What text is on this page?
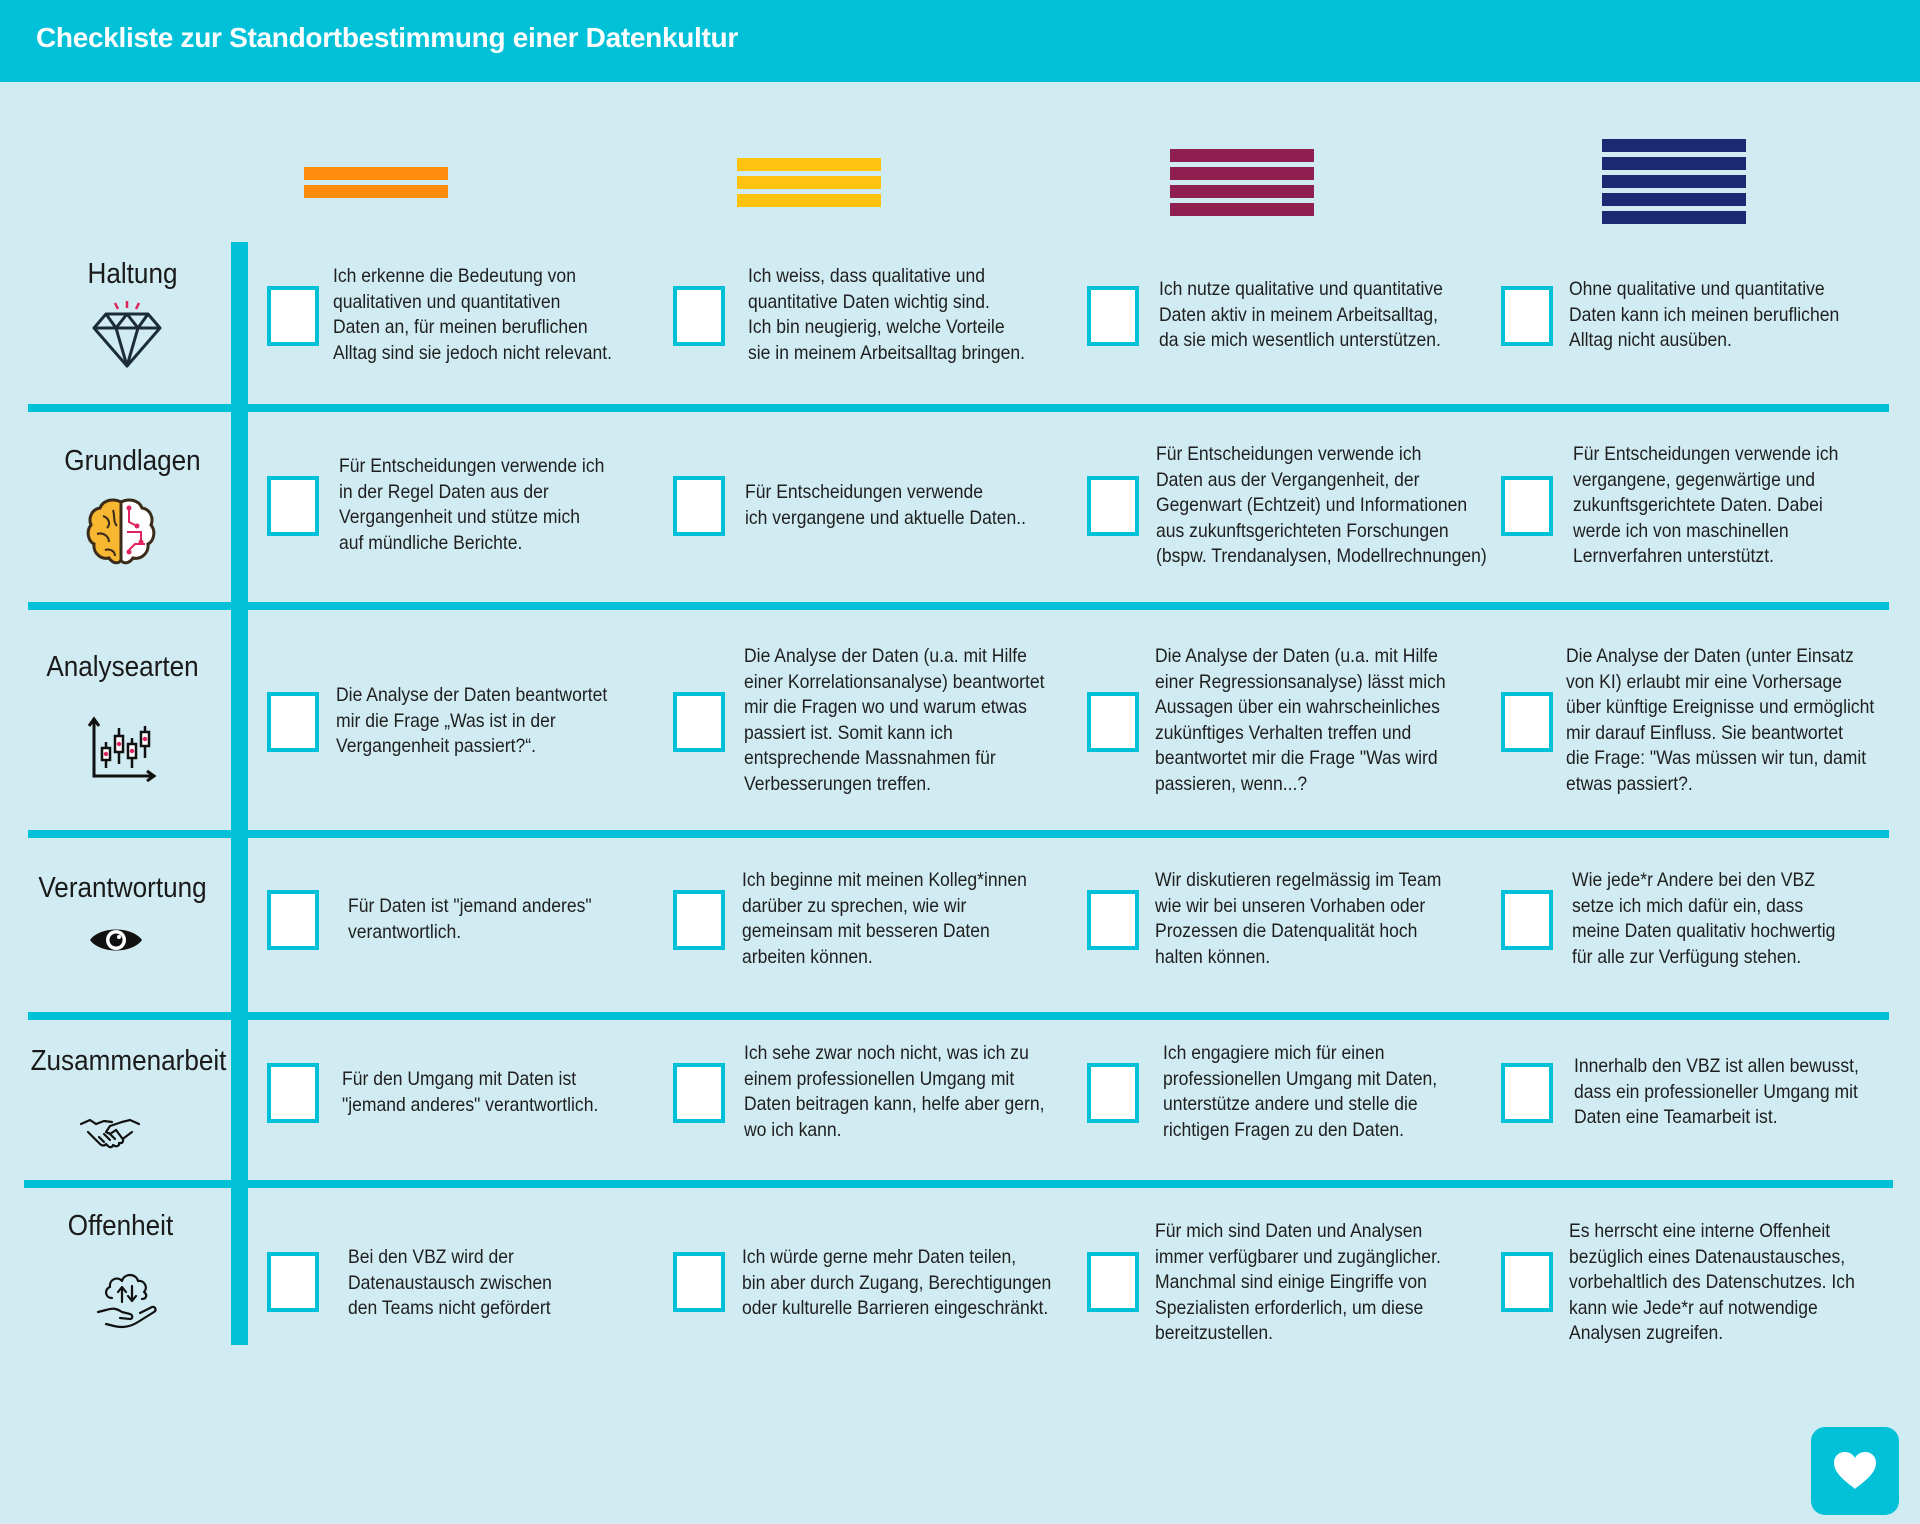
Checkliste zur Standortbestimmung einer Datenkultur
Haltung
Grundlagen
Analysearten
Verantwortung
Zusammenarbeit
Offenheit
Ich erkenne die Bedeutung von
qualitativen und quantitativen
Daten an, für meinen beruflichen
Alltag sind sie jedoch nicht relevant.
Ich weiss, dass qualitative und
quantitative Daten wichtig sind.
Ich bin neugierig, welche Vorteile
sie in meinem Arbeitsalltag bringen.
Ich nutze qualitative und quantitative
Daten aktiv in meinem Arbeitsalltag,
da sie mich wesentlich unterstützen.
Ohne qualitative und quantitative
Daten kann ich meinen beruflichen
Alltag nicht ausüben.
Für Entscheidungen verwende ich
in der Regel Daten aus der
Vergangenheit und stütze mich
auf mündliche Berichte.
Für Entscheidungen verwende
ich vergangene und aktuelle Daten..
Für Entscheidungen verwende ich
Daten aus der Vergangenheit, der
Gegenwart (Echtzeit) und Informationen
aus zukunftsgerichteten Forschungen
(bspw. Trendanalysen, Modellrechnungen)
Für Entscheidungen verwende ich
vergangene, gegenwärtige und
zukunftsgerichtete Daten. Dabei
werde ich von maschinellen
Lernverfahren unterstützt.
Die Analyse der Daten beantwortet
mir die Frage „Was ist in der
Vergangenheit passiert?“.
Die Analyse der Daten (u.a. mit Hilfe
einer Korrelationsanalyse) beantwortet
mir die Fragen wo und warum etwas
passiert ist. Somit kann ich
entsprechende Massnahmen für
Verbesserungen treffen.
Die Analyse der Daten (u.a. mit Hilfe
einer Regressionsanalyse) lässt mich
Aussagen über ein wahrscheinliches
zukünftiges Verhalten treffen und
beantwortet mir die Frage "Was wird
passieren, wenn...?
Die Analyse der Daten (unter Einsatz
von KI) erlaubt mir eine Vorhersage
über künftige Ereignisse und ermöglicht
mir darauf Einfluss. Sie beantwortet
die Frage: "Was müssen wir tun, damit
etwas passiert?.
Für Daten ist "jemand anderes"
verantwortlich.
Ich beginne mit meinen Kolleg*innen
darüber zu sprechen, wie wir
gemeinsam mit besseren Daten
arbeiten können.
Wir diskutieren regelmässig im Team
wie wir bei unseren Vorhaben oder
Prozessen die Datenqualität hoch
halten können.
Wie jede*r Andere bei den VBZ
setze ich mich dafür ein, dass
meine Daten qualitativ hochwertig
für alle zur Verfügung stehen.
Für den Umgang mit Daten ist
"jemand anderes" verantwortlich.
Ich sehe zwar noch nicht, was ich zu
einem professionellen Umgang mit
Daten beitragen kann, helfe aber gern,
wo ich kann.
Ich engagiere mich für einen
professionellen Umgang mit Daten,
unterstütze andere und stelle die
richtigen Fragen zu den Daten.
Innerhalb den VBZ ist allen bewusst,
dass ein professioneller Umgang mit
Daten eine Teamarbeit ist.
Bei den VBZ wird der
Datenaustausch zwischen
den Teams nicht gefördert
Ich würde gerne mehr Daten teilen,
bin aber durch Zugang, Berechtigungen
oder kulturelle Barrieren eingeschränkt.
Für mich sind Daten und Analysen
immer verfügbarer und zugänglicher.
Manchmal sind einige Eingriffe von
Spezialisten erforderlich, um diese
bereitzustellen.
Es herrscht eine interne Offenheit
bezüglich eines Datenaustausches,
vorbehaltlich des Datenschutzes. Ich
kann wie Jede*r auf notwendige
Analysen zugreifen.
